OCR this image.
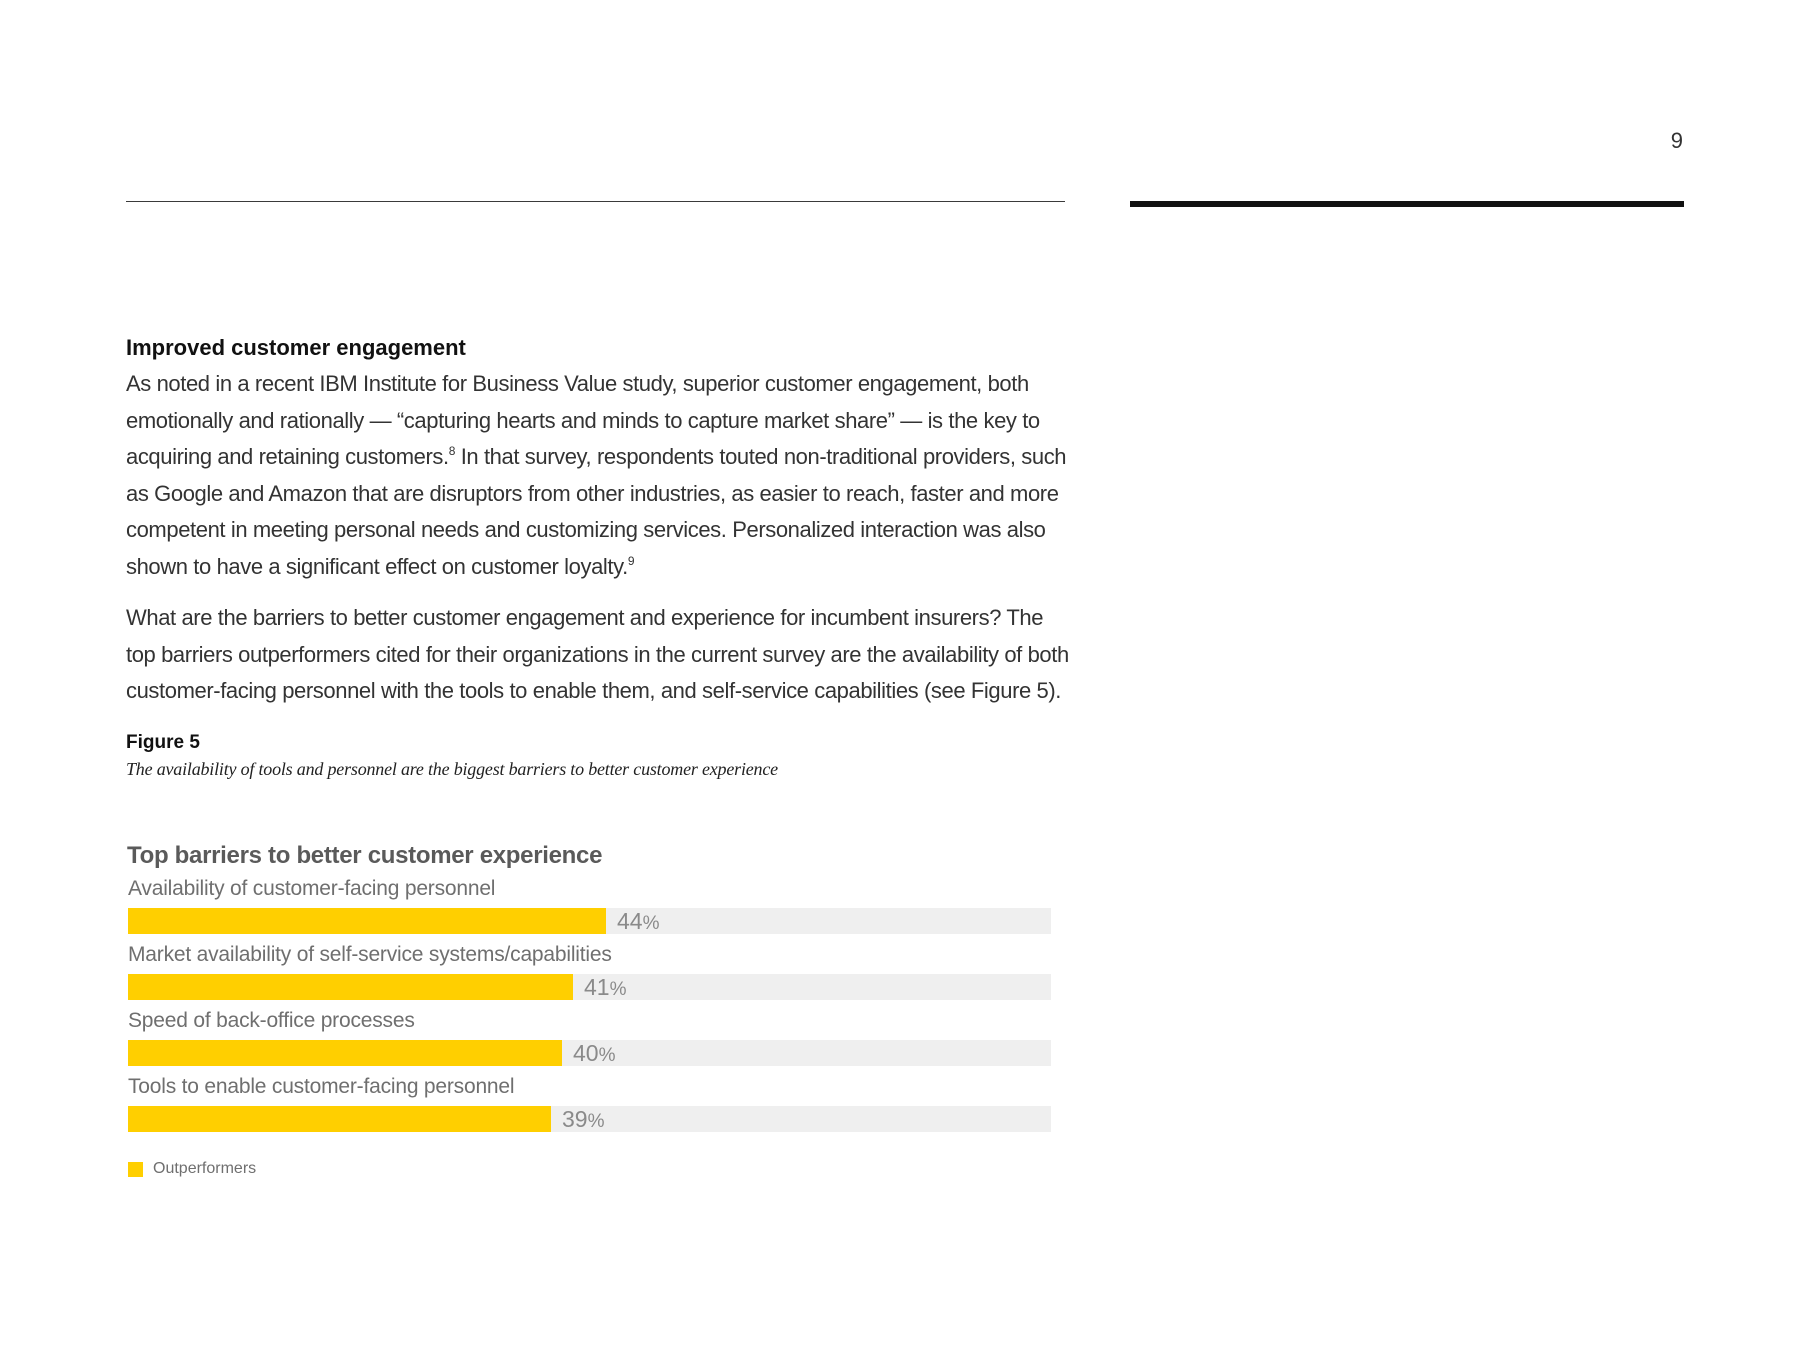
9
Improved customer engagement

As noted in a recent IBM Institute for Business Value study, superior customer engagement, both emotionally and rationally — “capturing hearts and minds to capture market share” — is the key to acquiring and retaining customers.$^8$ In that survey, respondents touted non-traditional providers, such as Google and Amazon that are disruptors from other industries, as easier to reach, faster and more competent in meeting personal needs and customizing services. Personalized interaction was also shown to have a significant effect on customer loyalty.$^9$

What are the barriers to better customer engagement and experience for incumbent insurers? The top barriers outperformers cited for their organizations in the current survey are the availability of both customer-facing personnel with the tools to enable them, and self-service capabilities (see Figure 5).

Figure 5
The availability of tools and personnel are the biggest barriers to better customer experience
Top barriers to better customer experience
Availability of customer-facing personnel
44%
Market availability of self-service systems/capabilities
41%
Speed of back-office processes
40%
Tools to enable customer-facing personnel
39%
Outperformers
